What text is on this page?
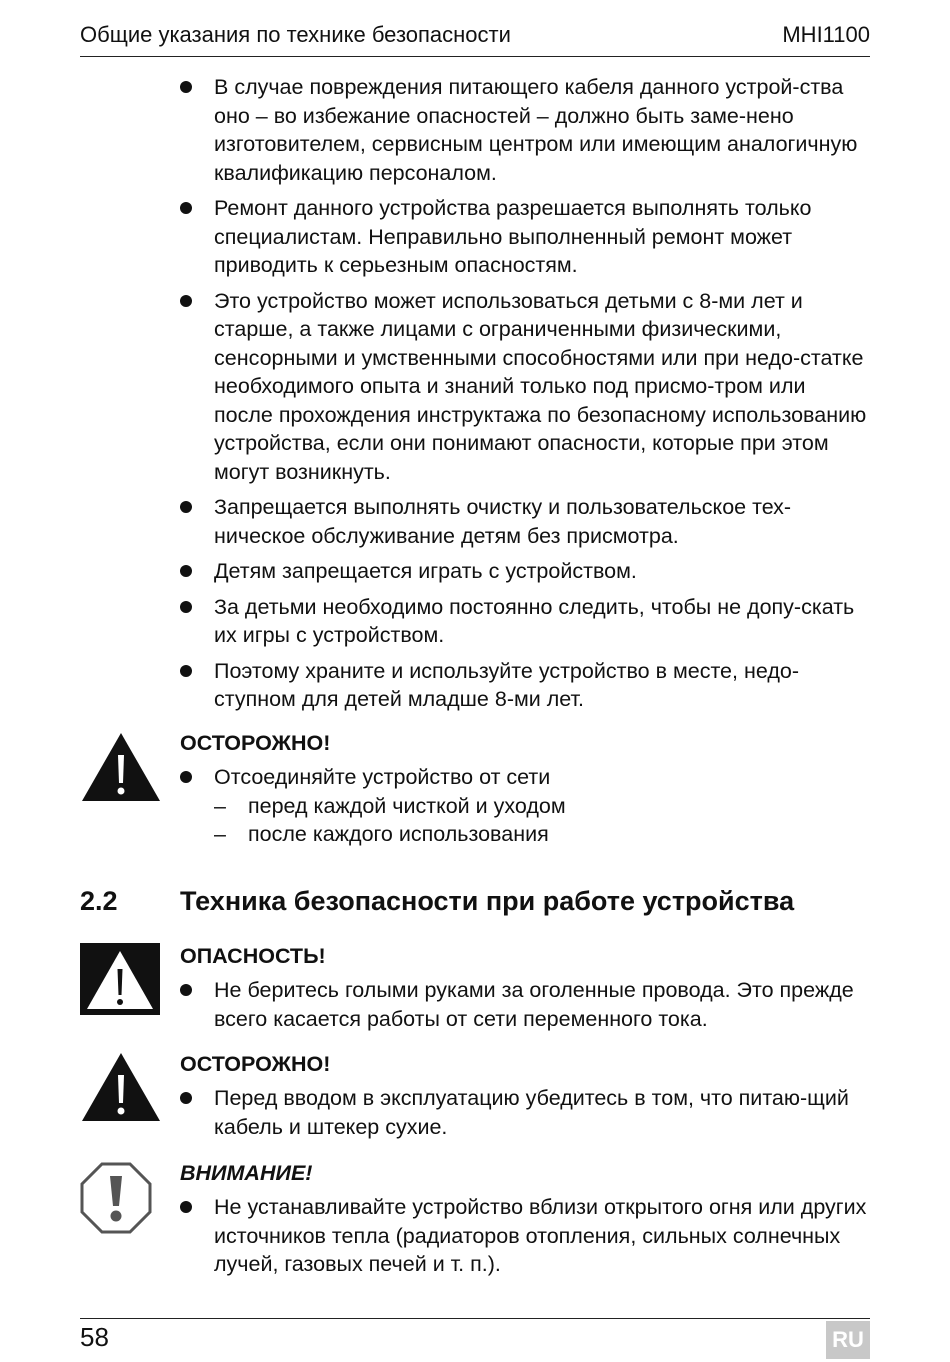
Общие указания по технике безопасности	MHI1100
В случае повреждения питающего кабеля данного устрой-ства оно – во избежание опасностей – должно быть заме-нено изготовителем, сервисным центром или имеющим аналогичную квалификацию персоналом.
Ремонт данного устройства разрешается выполнять только специалистам. Неправильно выполненный ремонт может приводить к серьезным опасностям.
Это устройство может использоваться детьми с 8-ми лет и старше, а также лицами с ограниченными физическими, сенсорными и умственными способностями или при недо-статке необходимого опыта и знаний только под присмо-тром или после прохождения инструктажа по безопасному использованию устройства, если они понимают опасности, которые при этом могут возникнуть.
Запрещается выполнять очистку и пользовательское тех-ническое обслуживание детям без присмотра.
Детям запрещается играть с устройством.
За детьми необходимо постоянно следить, чтобы не допу-скать их игры с устройством.
Поэтому храните и используйте устройство в месте, недо-ступном для детей младше 8-ми лет.
ОСТОРОЖНО!
Отсоединяйте устройство от сети
– перед каждой чисткой и уходом
– после каждого использования
2.2 Техника безопасности при работе устройства
ОПАСНОСТЬ!
Не беритесь голыми руками за оголенные провода. Это прежде всего касается работы от сети переменного тока.
ОСТОРОЖНО!
Перед вводом в эксплуатацию убедитесь в том, что питаю-щий кабель и штекер сухие.
ВНИМАНИЕ!
Не устанавливайте устройство вблизи открытого огня или других источников тепла (радиаторов отопления, сильных солнечных лучей, газовых печей и т. п.).
58	RU
